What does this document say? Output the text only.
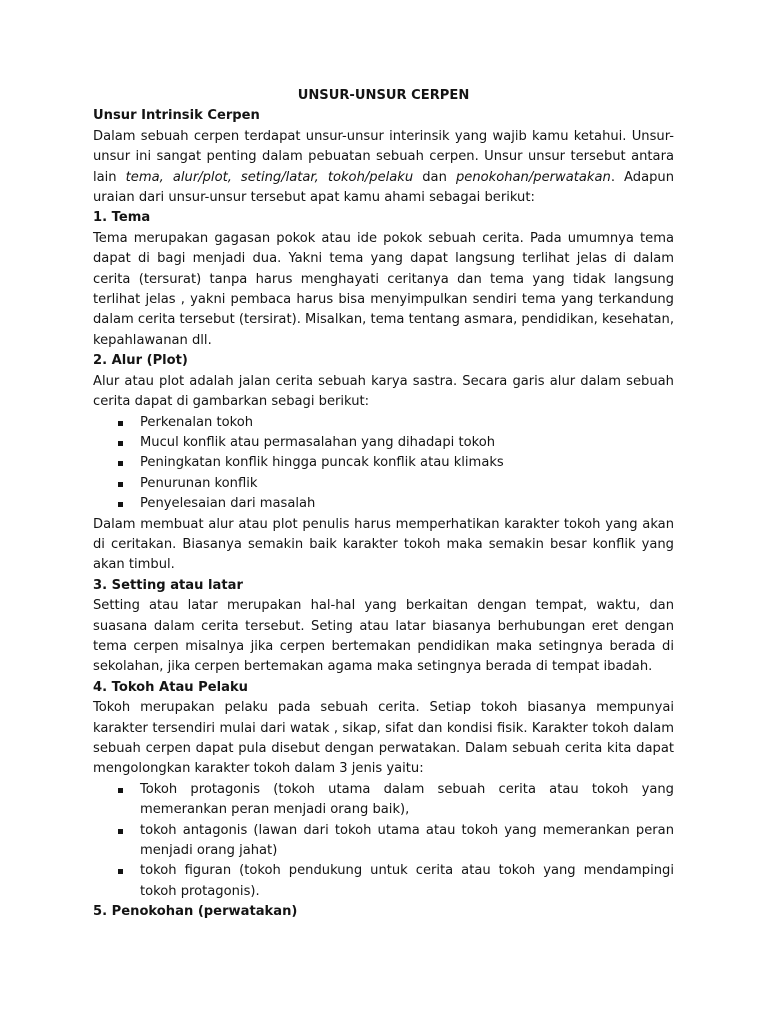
UNSUR-UNSUR CERPEN

Unsur Intrinsik Cerpen

Dalam sebuah cerpen terdapat unsur-unsur interinsik yang wajib kamu ketahui. Unsur-unsur ini sangat penting dalam pebuatan sebuah cerpen. Unsur unsur tersebut antara lain tema, alur/plot, seting/latar, tokoh/pelaku dan penokohan/perwatakan. Adapun uraian dari unsur-unsur tersebut apat kamu ahami sebagai berikut:

1. Tema

Tema merupakan gagasan pokok atau ide pokok sebuah cerita. Pada umumnya tema dapat di bagi menjadi dua. Yakni tema yang dapat langsung terlihat jelas di dalam cerita (tersurat) tanpa harus menghayati ceritanya dan tema yang tidak langsung terlihat jelas , yakni pembaca harus bisa menyimpulkan sendiri tema yang terkandung dalam cerita tersebut (tersirat). Misalkan, tema tentang asmara, pendidikan, kesehatan, kepahlawanan dll.

2. Alur (Plot)

Alur atau plot adalah jalan cerita sebuah karya sastra. Secara garis alur dalam sebuah cerita dapat di gambarkan sebagi berikut:

Perkenalan tokoh
Mucul konflik atau permasalahan yang dihadapi tokoh
Peningkatan konflik hingga puncak konflik atau klimaks
Penurunan konflik
Penyelesaian dari masalah

Dalam membuat alur atau plot penulis harus memperhatikan karakter tokoh yang akan di ceritakan. Biasanya semakin baik karakter tokoh maka semakin besar konflik yang akan timbul.

3. Setting atau latar

Setting atau latar merupakan hal-hal yang berkaitan dengan tempat, waktu, dan suasana dalam cerita tersebut. Seting atau latar biasanya berhubungan eret dengan tema cerpen misalnya jika cerpen bertemakan pendidikan maka setingnya berada di sekolahan, jika cerpen bertemakan agama maka setingnya berada di tempat ibadah.

4. Tokoh Atau Pelaku

Tokoh merupakan pelaku pada sebuah cerita. Setiap tokoh biasanya mempunyai karakter tersendiri mulai dari watak , sikap, sifat dan kondisi fisik. Karakter tokoh dalam sebuah cerpen dapat pula disebut dengan perwatakan. Dalam sebuah cerita kita dapat mengolongkan karakter tokoh dalam 3 jenis yaitu:

Tokoh protagonis (tokoh utama dalam sebuah cerita atau tokoh yang memerankan peran menjadi orang baik),
tokoh antagonis (lawan dari tokoh utama atau tokoh yang memerankan peran menjadi orang jahat)
tokoh figuran (tokoh pendukung untuk cerita atau tokoh yang mendampingi tokoh protagonis).

5. Penokohan (perwatakan)
